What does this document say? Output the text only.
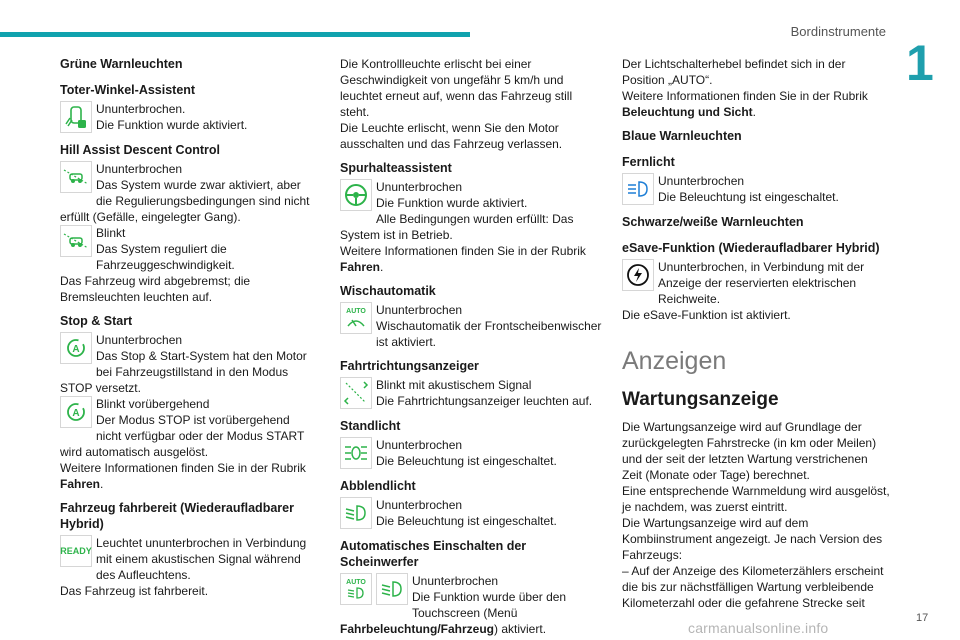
Bordinstrumente
1
Grüne Warnleuchten
Toter-Winkel-Assistent
Ununterbrochen.
Die Funktion wurde aktiviert.
Hill Assist Descent Control
Ununterbrochen
Das System wurde zwar aktiviert, aber die Regulierungsbedingungen sind nicht erfüllt (Gefälle, eingelegter Gang).
Blinkt
Das System reguliert die Fahrzeuggeschwindigkeit.
Das Fahrzeug wird abgebremst; die Bremsleuchten leuchten auf.
Stop & Start
A
Ununterbrochen
Das Stop & Start-System hat den Motor bei Fahrzeugstillstand in den Modus STOP versetzt.
A
Blinkt vorübergehend
Der Modus STOP ist vorübergehend nicht verfügbar oder der Modus START wird automatisch ausgelöst.
Weitere Informationen finden Sie in der Rubrik
Fahren.
Fahrzeug fahrbereit (Wiederaufladbarer Hybrid)
READY
Leuchtet ununterbrochen in Verbindung mit einem akustischen Signal während des Aufleuchtens.
Das Fahrzeug ist fahrbereit.
Die Kontrollleuchte erlischt bei einer Geschwindigkeit von ungefähr 5 km/h und leuchtet erneut auf, wenn das Fahrzeug still steht.
Die Leuchte erlischt, wenn Sie den Motor ausschalten und das Fahrzeug verlassen.
Spurhalteassistent
Ununterbrochen
Die Funktion wurde aktiviert.
Alle Bedingungen wurden erfüllt: Das System ist in Betrieb.
Weitere Informationen finden Sie in der Rubrik
Fahren.
Wischautomatik
AUTO Ununterbrochen
Wischautomatik der Frontscheibenwischer ist aktiviert.
Fahrtrichtungsanzeiger
Blinkt mit akustischem Signal
Die Fahrtrichtungsanzeiger leuchten auf.
Standlicht
Ununterbrochen
Die Beleuchtung ist eingeschaltet.
Abblendlicht
Ununterbrochen
Die Beleuchtung ist eingeschaltet.
Automatisches Einschalten der Scheinwerfer
AUTO	Ununterbrochen
Die Funktion wurde über den Touchscreen (Menü Fahrbeleuchtung/Fahrzeug) aktiviert.
Der Lichtschalterhebel befindet sich in der Position „AUTO“.
Weitere Informationen finden Sie in der Rubrik
Beleuchtung und Sicht.
Blaue Warnleuchten
Fernlicht
Ununterbrochen
Die Beleuchtung ist eingeschaltet.
Schwarze/weiße Warnleuchten
eSave-Funktion (Wiederaufladbarer Hybrid)
Ununterbrochen, in Verbindung mit der Anzeige der reservierten elektrischen Reichweite.
Die eSave-Funktion ist aktiviert.
Anzeigen
Wartungsanzeige
Die Wartungsanzeige wird auf Grundlage der zurückgelegten Fahrstrecke (in km oder Meilen) und der seit der letzten Wartung verstrichenen Zeit (Monate oder Tage) berechnet.
Eine entsprechende Warnmeldung wird ausgelöst, je nachdem, was zuerst eintritt.
Die Wartungsanzeige wird auf dem Kombiinstrument angezeigt. Je nach Version des Fahrzeugs:
– Auf der Anzeige des Kilometerzählers erscheint die bis zur nächstfälligen Wartung verbleibende Kilometerzahl oder die gefahrene Strecke seit
carmanualsonline.info
17
